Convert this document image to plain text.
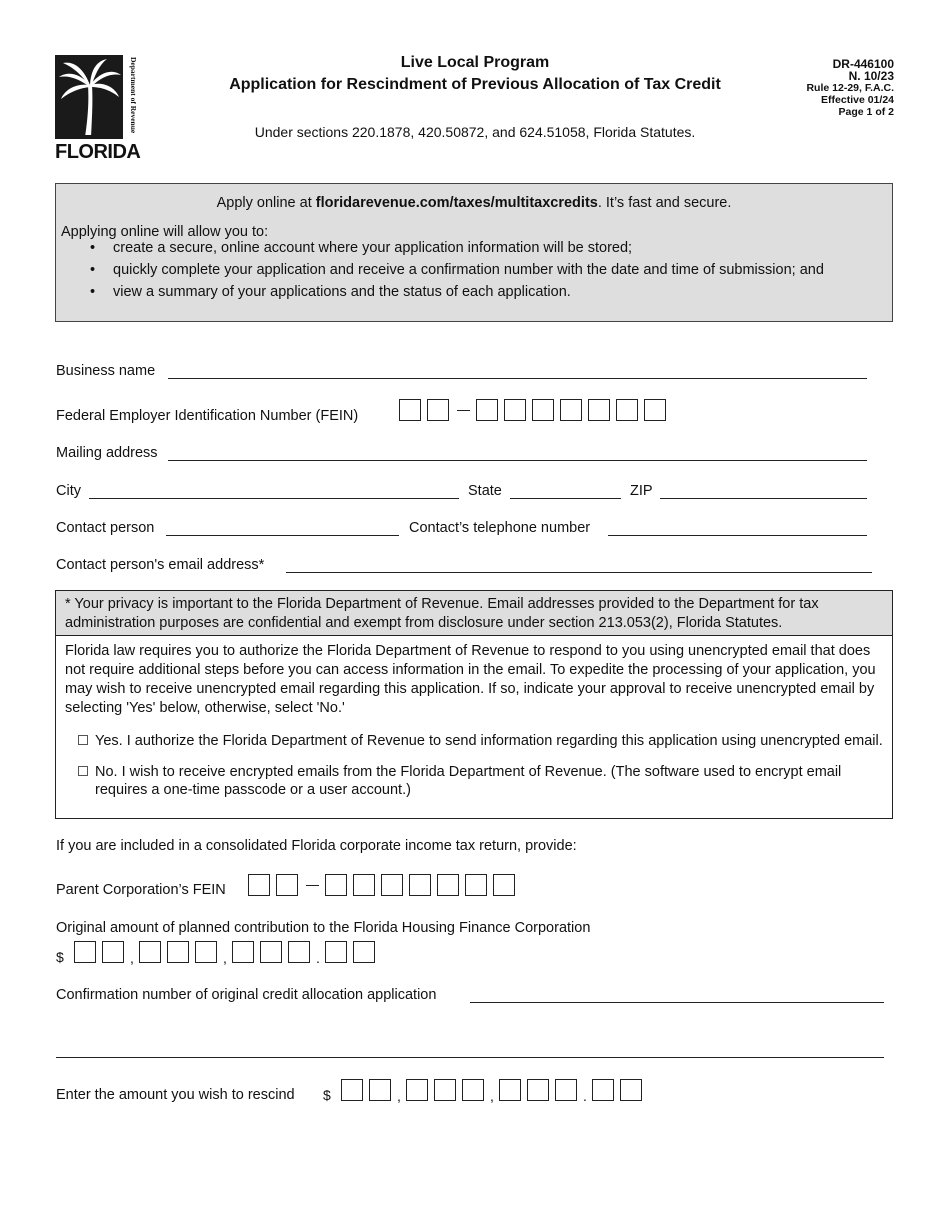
Department of Revenue
FLORIDA
Live Local Program
Application for Rescindment of Previous Allocation of Tax Credit
Under sections 220.1878, 420.50872, and 624.51058, Florida Statutes.
DR-446100
N. 10/23
Rule 12-29, F.A.C.
Effective 01/24
Page 1 of 2
Apply online at floridarevenue.com/taxes/multitaxcredits. It’s fast and secure.
Applying online will allow you to:
• create a secure, online account where your application information will be stored;
• quickly complete your application and receive a confirmation number with the date and time of submission; and
• view a summary of your applications and the status of each application.
Business name
Federal Employer Identification Number (FEIN)
Mailing address
City	State	ZIP
Contact person	Contact’s telephone number
Contact person's email address*
* Your privacy is important to the Florida Department of Revenue. Email addresses provided to the Department for tax administration purposes are confidential and exempt from disclosure under section 213.053(2), Florida Statutes.
Florida law requires you to authorize the Florida Department of Revenue to respond to you using unencrypted email that does not require additional steps before you can access information in the email. To expedite the processing of your application, you may wish to receive unencrypted email regarding this application. If so, indicate your approval to receive unencrypted email by selecting 'Yes' below, otherwise, select 'No.'
Yes. I authorize the Florida Department of Revenue to send information regarding this application using unencrypted email.
No. I wish to receive encrypted emails from the Florida Department of Revenue. (The software used to encrypt email requires a one-time passcode or a user account.)
If you are included in a consolidated Florida corporate income tax return, provide:
Parent Corporation’s FEIN
Original amount of planned contribution to the Florida Housing Finance Corporation
$	,	,	.
Confirmation number of original credit allocation application
Enter the amount you wish to rescind $	,	,	.
